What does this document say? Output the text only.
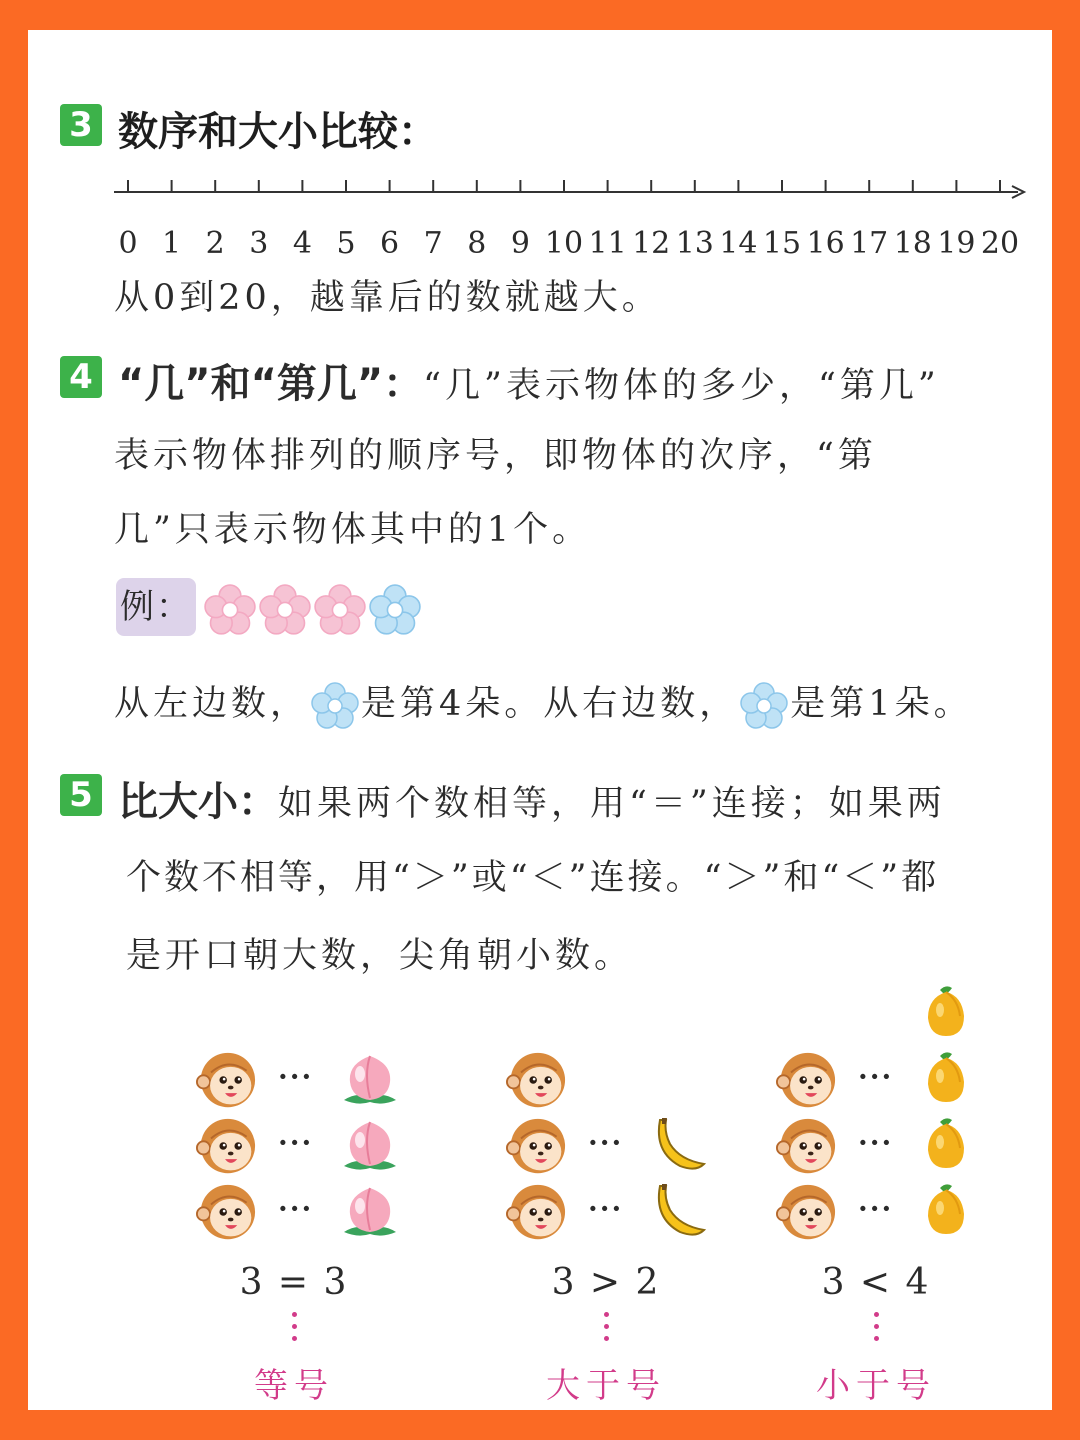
3 数序和大小比较：
0 1 2 3 4 5 6 7 8 9 10 11 12 13 14 15 16 17 18 19 20
从0到20，越靠后的数就越大。
4 “几”和“第几”：“几”表示物体的多少，“第几”
表示物体排列的顺序号，即物体的次序，“第
几”只表示物体其中的1个。
例：

从左边数， 是第4朵。从右边数， 是第1朵。
5 比大小：如果两个数相等，用“＝”连接；如果两
个数不相等，用“＞”或“＜”连接。“＞”和“＜”都
是开口朝大数，尖角朝小数。
···
···
···
···
···
···
···
···
3 = 3	3 > 2	3 < 4
等号	大于号	小于号
